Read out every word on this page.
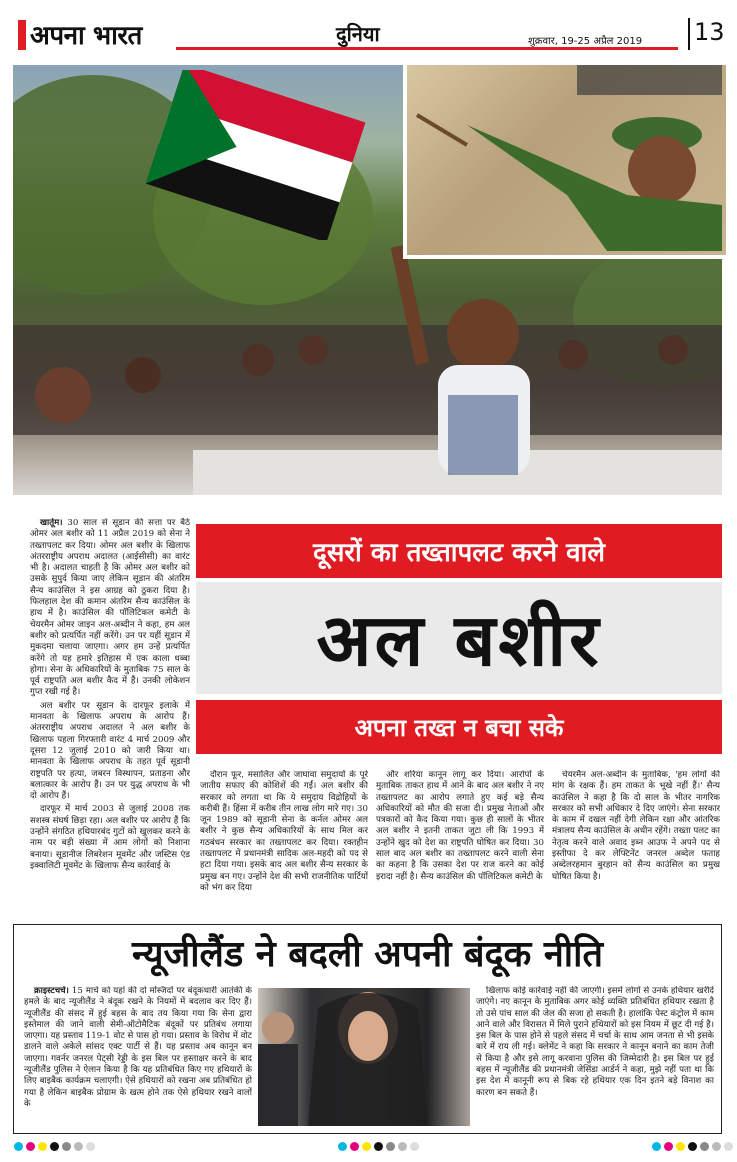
अपना भारत	दुनिया	शुक्रवार, 19-25 अप्रैल 2019 13

खार्तूम। 30 साल से सूडान की सत्ता पर बैठे ओमर अल बशीर को 11 अप्रैल 2019 को सेना ने तख्तापलट कर दिया। ओमर अल बशीर के खिलाफ अंतरराष्ट्रीय अपराध अदालत (आईसीसी) का वारंट भी है। अदालत चाहती है कि ओमर अल बशीर को उसके सुपुर्द किया जाए लेकिन सूडान की अंतरिम सैन्य काउंसिल ने इस आग्रह को ठुकरा दिया है। फिलहाल देश की कमान अंतरिम सैन्य काउंसिल के हाथ में है। काउंसिल की पॉलिटिकल कमेटी के चेयरमैन ओमर जाइन अल-अब्दीन ने कहा, हम अल बशीर को प्रत्यर्पित नहीं करेंगे। उन पर यहीं सूडान में मुकदमा चलाया जाएगा। अगर हम उन्हें प्रत्यर्पित करेंगे तो यह हमारे इतिहास में एक काला धब्बा होगा। सेना के अधिकारियों के मुताबिक 75 साल के पूर्व राष्ट्रपति अल बशीर कैद में हैं। उनकी लोकेशन गुप्त रखी गई है।

अल बशीर पर सूडान के दारफूर इलाके में मानवता के खिलाफ अपराध के आरोप हैं। अंतरराष्ट्रीय अपराध अदालत ने अल बशीर के खिलाफ पहला गिरफ्तारी वारंट 4 मार्च 2009 और दूसरा 12 जुलाई 2010 को जारी किया था। मानवता के खिलाफ अपराध के तहत पूर्व सूडानी राष्ट्रपति पर हत्या, जबरन विस्थापन, प्रताड़ना और बलात्कार के आरोप हैं। उन पर युद्ध अपराध के भी दो आरोप हैं।

दारफूर में मार्च 2003 से जुलाई 2008 तक सशस्त्र संघर्ष छिड़ा रहा। अल बशीर पर आरोप हैं कि उन्होंने संगठित हथियारबंद गुटों को खुलकर करने के नाम पर बड़ी संख्या में आम लोगों को निशाना बनाया। सूडानीज लिबरेशन मूवमेंट और जस्टिस एंड इक्वालिटी मूवमेंट के खिलाफ सैन्य कार्रवाई के

दूसरों का तख्तापलट करने वाले
अल बशीर
अपना तख्त न बचा सके

दौरान फूर, मसालित और जाघावा समुदायों के पूरे जातीय सफाए की कोशिशें की गईं। अल बशीर की सरकार को लगता था कि ये समुदाय विद्रोहियों के करीबी हैं। हिंसा में करीब तीन लाख लोग मारे गए। 30 जून 1989 को सूडानी सेना के कर्नल ओमर अल बशीर ने कुछ सैन्य अधिकारियों के साथ मिल कर गठबंधन सरकार का तख्तापलट कर दिया। रक्तहीन तख्तापलट में प्रधानमंत्री सादिक अल-महदी को पद से हटा दिया गया। इसके बाद अल बशीर सैन्य सरकार के प्रमुख बन गए। उन्होंने देश की सभी राजनीतिक पार्टियों को भंग कर दिया

और शरिया कानून लागू कर दिया। आरोपों के मुताबिक ताकत हाथ में आने के बाद अल बशीर ने नए तख्तापलट का आरोप लगाते हुए कई बड़े सैन्य अधिकारियों को मौत की सजा दी। प्रमुख नेताओं और पत्रकारों को कैद किया गया। कुछ ही सालों के भीतर अल बशीर ने इतनी ताकत जुटा ली कि 1993 में उन्होंने खुद को देश का राष्ट्रपति घोषित कर दिया। 30 साल बाद अल बशीर का तख्तापलट करने वाली सेना का कहना है कि उसका देश पर राज करने का कोई इरादा नहीं है। सैन्य काउंसिल की पॉलिटिकल कमेटी के

चेयरमैन अल-अब्दीन के मुताबिक, 'हम लोगों की मांग के रक्षक हैं। हम ताकत के भूखे नहीं हैं।' सैन्य काउंसिल ने कहा है कि दो साल के भीतर नागरिक सरकार को सभी अधिकार दे दिए जाएंगे। सेना सरकार के काम में दखल नहीं देगी लेकिन रक्षा और आंतरिक मंत्रालय सैन्य काउंसिल के अधीन रहेंगे। तख्ता पलट का नेतृत्व करने वाले अवाद इब्न आउफ ने अपने पद से इस्तीफा दे कर लेफ्टिनेंट जनरल अब्देल फताह अब्देलरहमान बुरहान को सैन्य काउंसिल का प्रमुख घोषित किया है।

न्यूजीलैंड ने बदली अपनी बंदूक नीति

क्राइस्टचर्च। 15 मार्च को यहां की दो मस्जिदों पर बंदूकधारी आतंकी के हमले के बाद न्यूजीलैंड ने बंदूक रखने के नियमों में बदलाव कर दिए हैं। न्यूजीलैंड की संसद में हुई बहस के बाद तय किया गया कि सेना द्वारा इस्तेमाल की जाने वाली सेमी-ऑटोमैटिक बंदूकों पर प्रतिबंध लगाया जाएगा। यह प्रस्ताव 119-1 वोट से पास हो गया। प्रस्ताव के विरोध में वोट डालने वाले अकेले सांसद एक्ट पार्टी से हैं। यह प्रस्ताव अब कानून बन जाएगा। गवर्नर जनरल पेट्सी रेड्डी के इस बिल पर हस्ताक्षर करने के बाद न्यूजीलैंड पुलिस ने ऐलान किया है कि यह प्रतिबंधित किए गए हथियारों के लिए बाइबैक कार्यक्रम चलाएगी। ऐसे हथियारों को रखना अब प्रतिबंधित हो गया है लेकिन बाइबैक प्रोग्राम के खत्म होने तक ऐसे हथियार रखने वालों के

खिलाफ कोई कार्रवाई नहीं की जाएगी। इसमें लोगों से उनके हथियार खरीदे जाएंगे। नए कानून के मुताबिक अगर कोई व्यक्ति प्रतिबंधित हथियार रखता है तो उसे पांच साल की जेल की सजा हो सकती है। हालांकि पेस्ट कंट्रोल में काम आने वाले और विरासत में मिले पुराने हथियारों को इस नियम में छूट दी गई है। इस बिल के पास होने से पहले संसद में चर्चा के साथ आम जनता से भी इसके बारे में राय ली गई। क्लेमेंट ने कहा कि सरकार ने कानून बनाने का काम तेजी से किया है और इसे लागू करवाना पुलिस की जिम्मेदारी है। इस बिल पर हुई बहस में न्यूजीलैंड की प्रधानमंत्री जेसिंडा आर्डर्न ने कहा, मुझे नहीं पता था कि इस देश में कानूनी रूप से बिक रहे हथियार एक दिन इतने बड़े विनाश का कारण बन सकते हैं।
